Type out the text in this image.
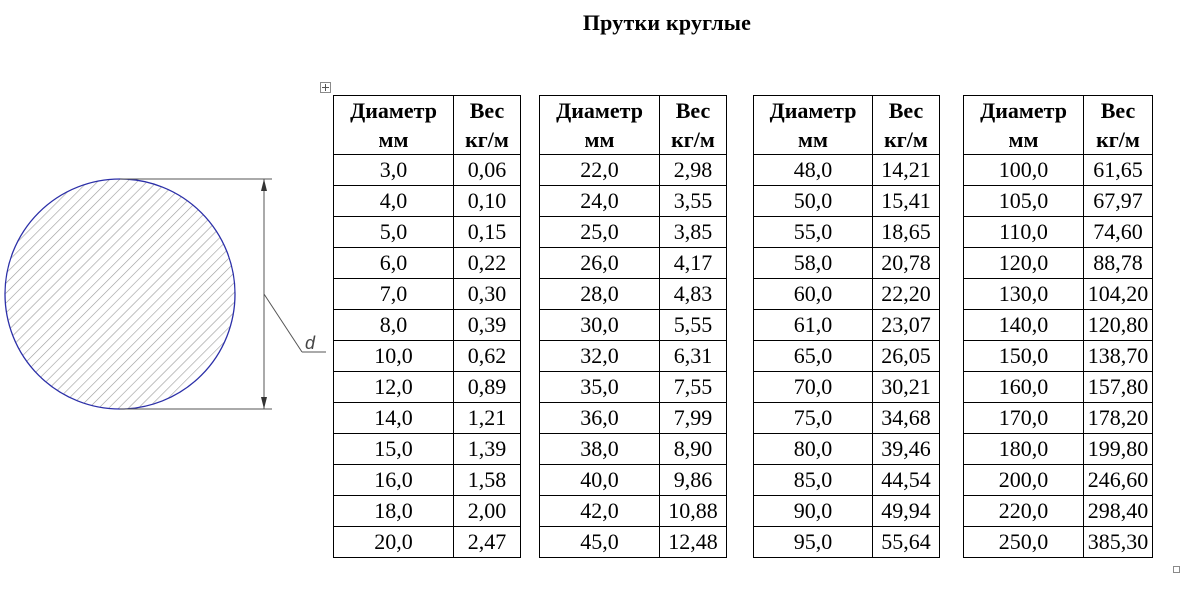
Прутки круглые
d
Диаметр	Вес		Диаметр	Вес		Диаметр	Вес		Диаметр	Вес
мм	кг/м		мм	кг/м		мм	кг/м		мм	кг/м
3,0	0,06		22,0	2,98		48,0	14,21		100,0	61,65
4,0	0,10		24,0	3,55		50,0	15,41		105,0	67,97
5,0	0,15		25,0	3,85		55,0	18,65		110,0	74,60
6,0	0,22		26,0	4,17		58,0	20,78		120,0	88,78
7,0	0,30		28,0	4,83		60,0	22,20		130,0	104,20
8,0	0,39		30,0	5,55		61,0	23,07		140,0	120,80
10,0	0,62		32,0	6,31		65,0	26,05		150,0	138,70
12,0	0,89		35,0	7,55		70,0	30,21		160,0	157,80
14,0	1,21		36,0	7,99		75,0	34,68		170,0	178,20
15,0	1,39		38,0	8,90		80,0	39,46		180,0	199,80
16,0	1,58		40,0	9,86		85,0	44,54		200,0	246,60
18,0	2,00		42,0	10,88		90,0	49,94		220,0	298,40
20,0	2,47		45,0	12,48		95,0	55,64		250,0	385,30
